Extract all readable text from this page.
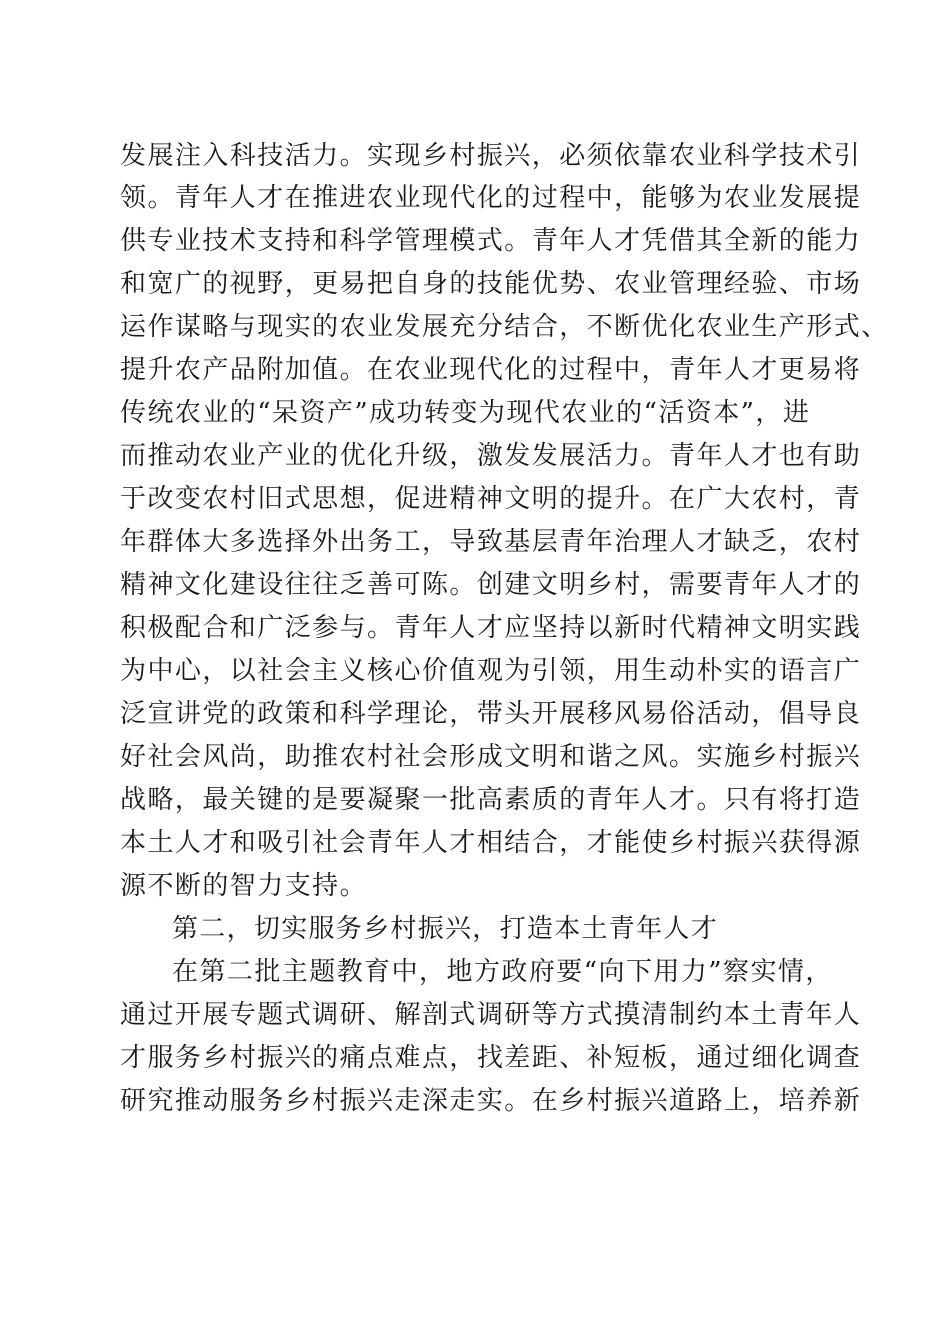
发展注入科技活力。实现乡村振兴，必须依靠农业科学技术引
领。青年人才在推进农业现代化的过程中，能够为农业发展提
供专业技术支持和科学管理模式。青年人才凭借其全新的能力
和宽广的视野，更易把自身的技能优势、农业管理经验、市场
运作谋略与现实的农业发展充分结合，不断优化农业生产形式、
提升农产品附加值。在农业现代化的过程中，青年人才更易将
传统农业的“呆资产”成功转变为现代农业的“活资本”，进
而推动农业产业的优化升级，激发发展活力。青年人才也有助
于改变农村旧式思想，促进精神文明的提升。在广大农村，青
年群体大多选择外出务工，导致基层青年治理人才缺乏，农村
精神文化建设往往乏善可陈。创建文明乡村，需要青年人才的
积极配合和广泛参与。青年人才应坚持以新时代精神文明实践
为中心，以社会主义核心价值观为引领，用生动朴实的语言广
泛宣讲党的政策和科学理论，带头开展移风易俗活动，倡导良
好社会风尚，助推农村社会形成文明和谐之风。实施乡村振兴
战略，最关键的是要凝聚一批高素质的青年人才。只有将打造
本土人才和吸引社会青年人才相结合，才能使乡村振兴获得源
源不断的智力支持。
第二，切实服务乡村振兴，打造本土青年人才
在第二批主题教育中，地方政府要“向下用力”察实情，
通过开展专题式调研、解剖式调研等方式摸清制约本土青年人
才服务乡村振兴的痛点难点，找差距、补短板，通过细化调查
研究推动服务乡村振兴走深走实。在乡村振兴道路上，培养新
